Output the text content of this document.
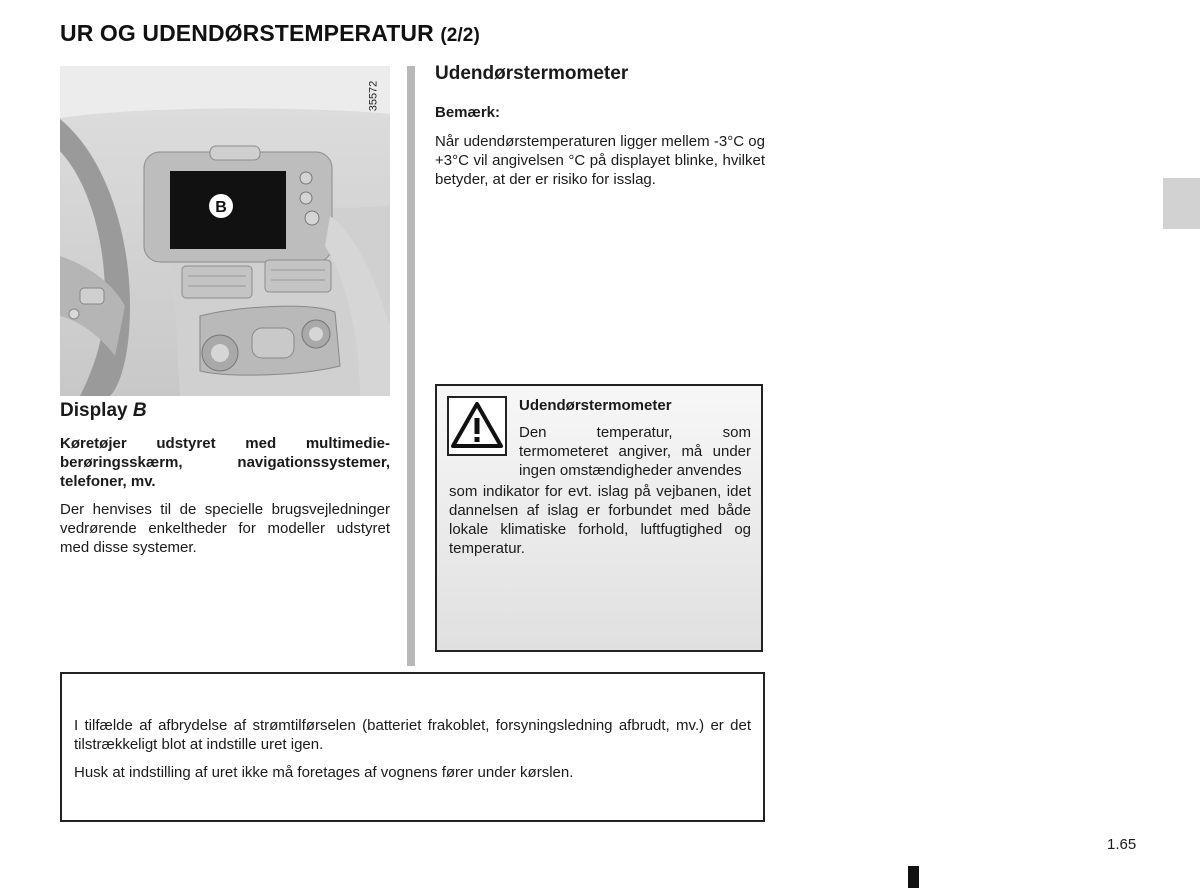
UR OG UDENDØRSTEMPERATUR (2/2)
B
35572
Display B
Køretøjer udstyret med multimedie-berøringsskærm, navigationssystemer, telefoner, mv.
Der henvises til de specielle brugsvejledninger vedrørende enkeltheder for modeller udstyret med disse systemer.
Udendørstermometer
Bemærk:
Når udendørstemperaturen ligger mellem -3°C og +3°C vil angivelsen °C på displayet blinke, hvilket betyder, at der er risiko for isslag.
Udendørstermometer
Den temperatur, som termometeret angiver, må under ingen omstændigheder anvendes
som indikator for evt. islag på vejbanen, idet dannelsen af islag er forbundet med både lokale klimatiske forhold, luftfugtighed og temperatur.

I tilfælde af afbrydelse af strømtilførselen (batteriet frakoblet, forsyningsledning afbrudt, mv.) er det tilstrækkeligt blot at indstille uret igen.

Husk at indstilling af uret ikke må foretages af vognens fører under kørslen.

1.65
